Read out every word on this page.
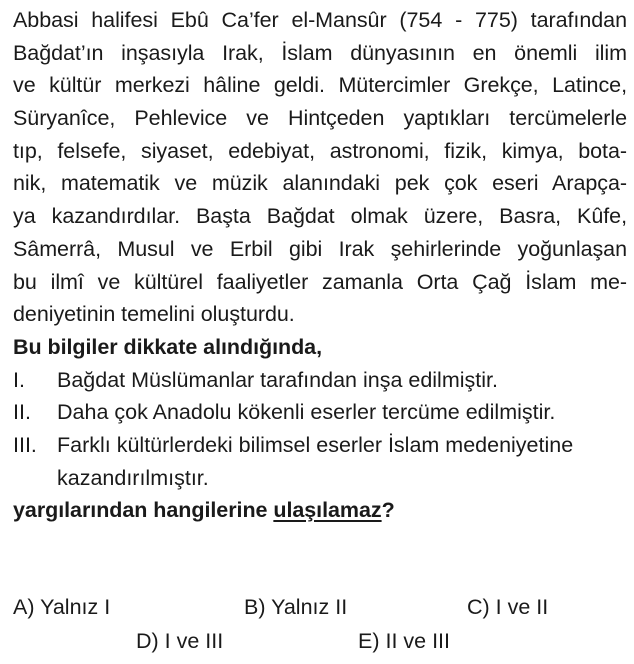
Abbasi halifesi Ebû Ca’fer el-Mansûr (754 - 775) tarafından
Bağdat’ın inşasıyla Irak, İslam dünyasının en önemli ilim
ve kültür merkezi hâline geldi. Mütercimler Grekçe, Latince,
Süryanîce, Pehlevice ve Hintçeden yaptıkları tercümelerle
tıp, felsefe, siyaset, edebiyat, astronomi, fizik, kimya, bota-
nik, matematik ve müzik alanındaki pek çok eseri Arapça-
ya kazandırdılar. Başta Bağdat olmak üzere, Basra, Kûfe,
Sâmerrâ, Musul ve Erbil gibi Irak şehirlerinde yoğunlaşan
bu ilmî ve kültürel faaliyetler zamanla Orta Çağ İslam me-
deniyetinin temelini oluşturdu.
Bu bilgiler dikkate alındığında,
I.	Bağdat Müslümanlar tarafından inşa edilmiştir.
II.	Daha çok Anadolu kökenli eserler tercüme edilmiştir.
III. Farklı kültürlerdeki bilimsel eserler İslam medeniyetine kazandırılmıştır.
yargılarından hangilerine ulaşılamaz?
A) Yalnız I	B) Yalnız II	C) I ve II
D) I ve III	E) II ve III
